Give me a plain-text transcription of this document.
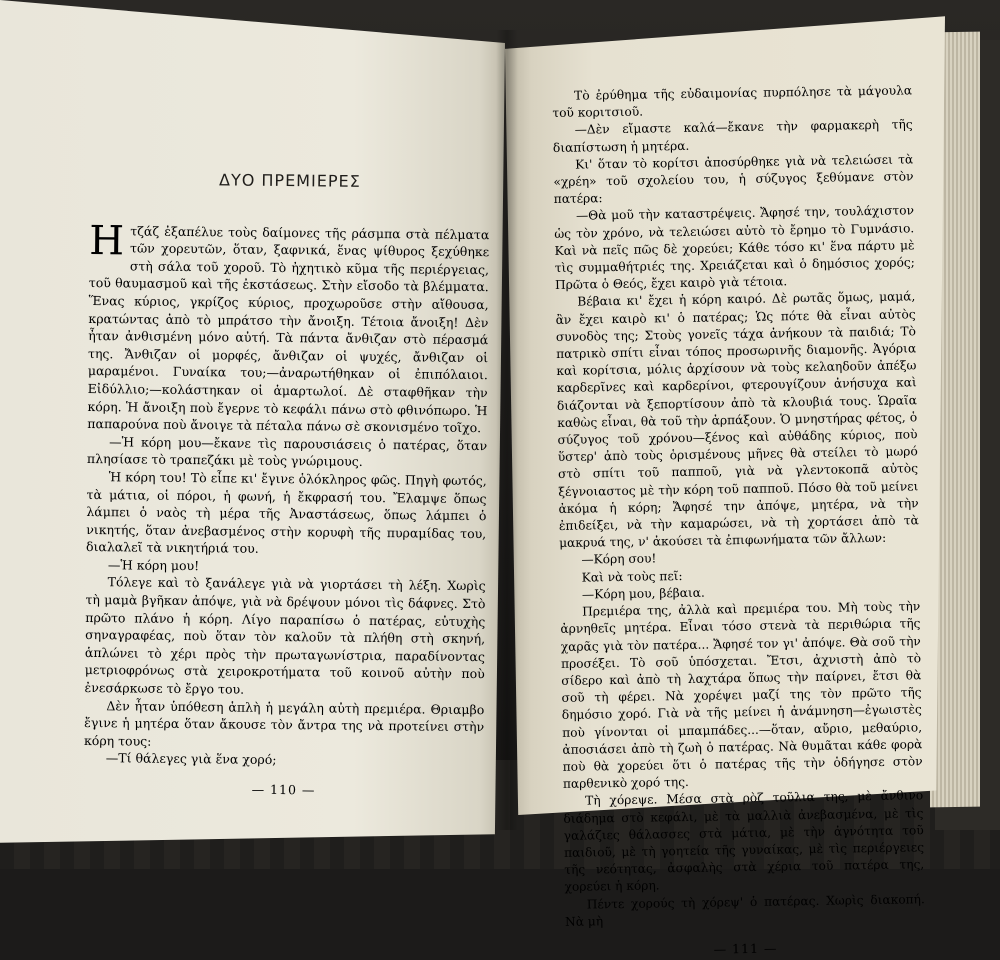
ΔΥΟ ΠΡΕΜΙΕΡΕΣ

Η τζάζ ἐξαπέλυε τοὺς δαίμονες τῆς ράσμπα στὰ πέλματα τῶν χορευτῶν, ὅταν, ξαφνικά, ἕνας ψίθυρος ξεχύθηκε στὴ σάλα τοῦ χοροῦ. Τὸ ἠχητικὸ κῦμα τῆς περιέργειας, τοῦ θαυμασμοῦ καὶ τῆς ἐκστάσεως. Στὴν εἴσοδο τὰ βλέμματα. Ἕνας κύριος, γκρίζος κύριος, προχωροῦσε στὴν αἴθουσα, κρατώντας ἀπὸ τὸ μπράτσο τὴν ἄνοιξη. Τέτοια ἄνοιξη! Δὲν ἦταν ἀνθισμένη μόνο αὐτή. Τὰ πάντα ἄνθιζαν στὸ πέρασμά της. Ἄνθιζαν οἱ μορφές, ἄνθιζαν οἱ ψυχές, ἄνθιζαν οἱ μαραμένοι. Γυναίκα του;—ἀναρωτήθηκαν οἱ ἐπιπόλαιοι. Εἰδύλλιο;—κολάστηκαν οἱ ἁμαρτωλοί. Δὲ σταφθῆκαν τὴν κόρη. Ἡ ἄνοιξη ποὺ ἔγερνε τὸ κεφάλι πάνω στὸ φθινόπωρο. Ἡ παπαρούνα ποὺ ἄνοιγε τὰ πέταλα πάνω σὲ σκονισμένο τοῖχο.

—Ἡ κόρη μου—ἔκανε τὶς παρουσιάσεις ὁ πατέρας, ὅταν πλησίασε τὸ τραπεζάκι μὲ τοὺς γνώριμους.

Ἡ κόρη του! Τὸ εἶπε κι' ἔγινε ὁλόκληρος φῶς. Πηγὴ φωτός, τὰ μάτια, οἱ πόροι, ἡ φωνή, ἡ ἔκφρασή του. Ἔλαμψε ὅπως λάμπει ὁ ναὸς τὴ μέρα τῆς Ἀναστάσεως, ὅπως λάμπει ὁ νικητής, ὅταν ἀνεβασμένος στὴν κορυφὴ τῆς πυραμίδας του, διαλαλεῖ τὰ νικητήριά του.

—Ἡ κόρη μου!

Τόλεγε καὶ τὸ ξανάλεγε γιὰ νὰ γιορτάσει τὴ λέξη. Χωρὶς τὴ μαμὰ βγῆκαν ἀπόψε, γιὰ νὰ δρέψουν μόνοι τὶς δάφνες. Στὸ πρῶτο πλάνο ἡ κόρη. Λίγο παραπίσω ὁ πατέρας, εὐτυχὴς σηναγραφέας, ποὺ ὅταν τὸν καλοῦν τὰ πλήθη στὴ σκηνή, ἁπλώνει τὸ χέρι πρὸς τὴν πρωταγωνίστρια, παραδίνοντας μετριοφρόνως στὰ χειροκροτήματα τοῦ κοινοῦ αὐτὴν ποὺ ἐνεσάρκωσε τὸ ἔργο του.

Δὲν ἦταν ὑπόθεση ἁπλὴ ἡ μεγάλη αὐτὴ πρεμιέρα. Θριαμβο ἔγινε ἡ μητέρα ὅταν ἄκουσε τὸν ἄντρα της νὰ προτείνει στὴν κόρη τους:

—Τί θάλεγες γιὰ ἕνα χορό;

— 110 —

Τὸ ἐρύθημα τῆς εὐδαιμονίας πυρπόλησε τὰ μάγουλα τοῦ κοριτσιοῦ.

—Δὲν εἴμαστε καλά—ἔκανε τὴν φαρμακερὴ τῆς διαπίστωση ἡ μητέρα.

Κι' ὅταν τὸ κορίτσι ἀποσύρθηκε γιὰ νὰ τελειώσει τὰ «χρέη» τοῦ σχολείου του, ἡ σύζυγος ξεθύμανε στὸν πατέρα:

—Θὰ μοῦ τὴν καταστρέψεις. Ἄφησέ την, τουλάχιστον ὡς τὸν χρόνο, νὰ τελειώσει αὐτὸ τὸ ἔρημο τὸ Γυμνάσιο. Καὶ νὰ πεῖς πῶς δὲ χορεύει; Κάθε τόσο κι' ἕνα πάρτυ μὲ τὶς συμμαθήτριές της. Χρειάζεται καὶ ὁ δημόσιος χορός; Πρῶτα ὁ Θεός, ἔχει καιρὸ γιὰ τέτοια.

Βέβαια κι' ἔχει ἡ κόρη καιρό. Δὲ ρωτᾶς ὅμως, μαμά, ἂν ἔχει καιρὸ κι' ὁ πατέρας; Ὡς πότε θὰ εἶναι αὐτὸς συνοδὸς της; Στοὺς γονεῖς τάχα ἀνήκουν τὰ παιδιά; Τὸ πατρικὸ σπίτι εἶναι τόπος προσωρινῆς διαμονῆς. Ἀγόρια καὶ κορίτσια, μόλις ἀρχίσουν νὰ τοὺς κελαηδοῦν ἀπέξω καρδερῖνες καὶ καρδερίνοι, φτερουγίζουν ἀνήσυχα καὶ διάζονται νὰ ξεπορτίσουν ἀπὸ τὰ κλουβιά τους. Ὡραῖα καθὼς εἶναι, θὰ τοῦ τὴν ἁρπάξουν. Ὁ μνηστήρας φέτος, ὁ σύζυγος τοῦ χρόνου—ξένος καὶ αὐθάδης κύριος, ποὺ ὕστερ' ἀπὸ τοὺς ὁρισμένους μῆνες θὰ στείλει τὸ μωρό στὸ σπίτι τοῦ παπποῦ, γιὰ νὰ γλεντοκοπᾶ αὐτὸς ξέγνοιαστος μὲ τὴν κόρη τοῦ παπποῦ. Πόσο θὰ τοῦ μείνει ἀκόμα ἡ κόρη; Ἄφησέ την ἀπόψε, μητέρα, νὰ τὴν ἐπιδείξει, νὰ τὴν καμαρώσει, νὰ τὴ χορτάσει ἀπὸ τὰ μακρυά της, ν' ἀκούσει τὰ ἐπιφωνήματα τῶν ἄλλων:

—Κόρη σου!

Καὶ νὰ τοὺς πεῖ:

—Κόρη μου, βέβαια.

Πρεμιέρα της, ἀλλὰ καὶ πρεμιέρα του. Μὴ τοὺς τὴν ἀρνηθεῖς μητέρα. Εἶναι τόσο στενὰ τὰ περιθώρια τῆς χαρᾶς γιὰ τὸν πατέρα... Ἄφησέ τον γι' ἀπόψε. Θὰ σοῦ τὴν προσέξει. Τὸ σοῦ ὑπόσχεται. Ἔτσι, ἀχνιστὴ ἀπὸ τὸ σίδερο καὶ ἀπὸ τὴ λαχτάρα ὅπως τὴν παίρνει, ἔτσι θὰ σοῦ τὴ φέρει. Νὰ χορέψει μαζί της τὸν πρῶτο τῆς δημόσιο χορό. Γιὰ νὰ τῆς μείνει ἡ ἀνάμνηση—ἐγωιστὲς ποὺ γίνονται οἱ μπαμπάδες...—ὅταν, αὔριο, μεθαύριο, ἀποσιάσει ἀπὸ τὴ ζωὴ ὁ πατέρας. Νὰ θυμᾶται κάθε φορὰ ποὺ θὰ χορεύει ὅτι ὁ πατέρας τῆς τὴν ὁδήγησε στὸν παρθενικὸ χορό της.

Τὴ χόρεψε. Μέσα στὰ ρὸζ τοῦλια της, μὲ ἄνθινο διάδημα στὸ κεφάλι, μὲ τὰ μαλλιὰ ἀνεβασμένα, μὲ τὶς γαλάζιες θάλασσες στὰ μάτια, μὲ τὴν ἀγνότητα τοῦ παιδιοῦ, μὲ τὴ γοητεία τῆς γυναίκας, μὲ τὶς περιέργειες τῆς νεότητας, ἀσφαλὴς στὰ χέρια τοῦ πατέρα της, χορεύει ἡ κόρη.

Πέντε χορούς τὴ χόρεψ' ὁ πατέρας. Χωρὶς διακοπή. Νὰ μὴ

— 111 —
